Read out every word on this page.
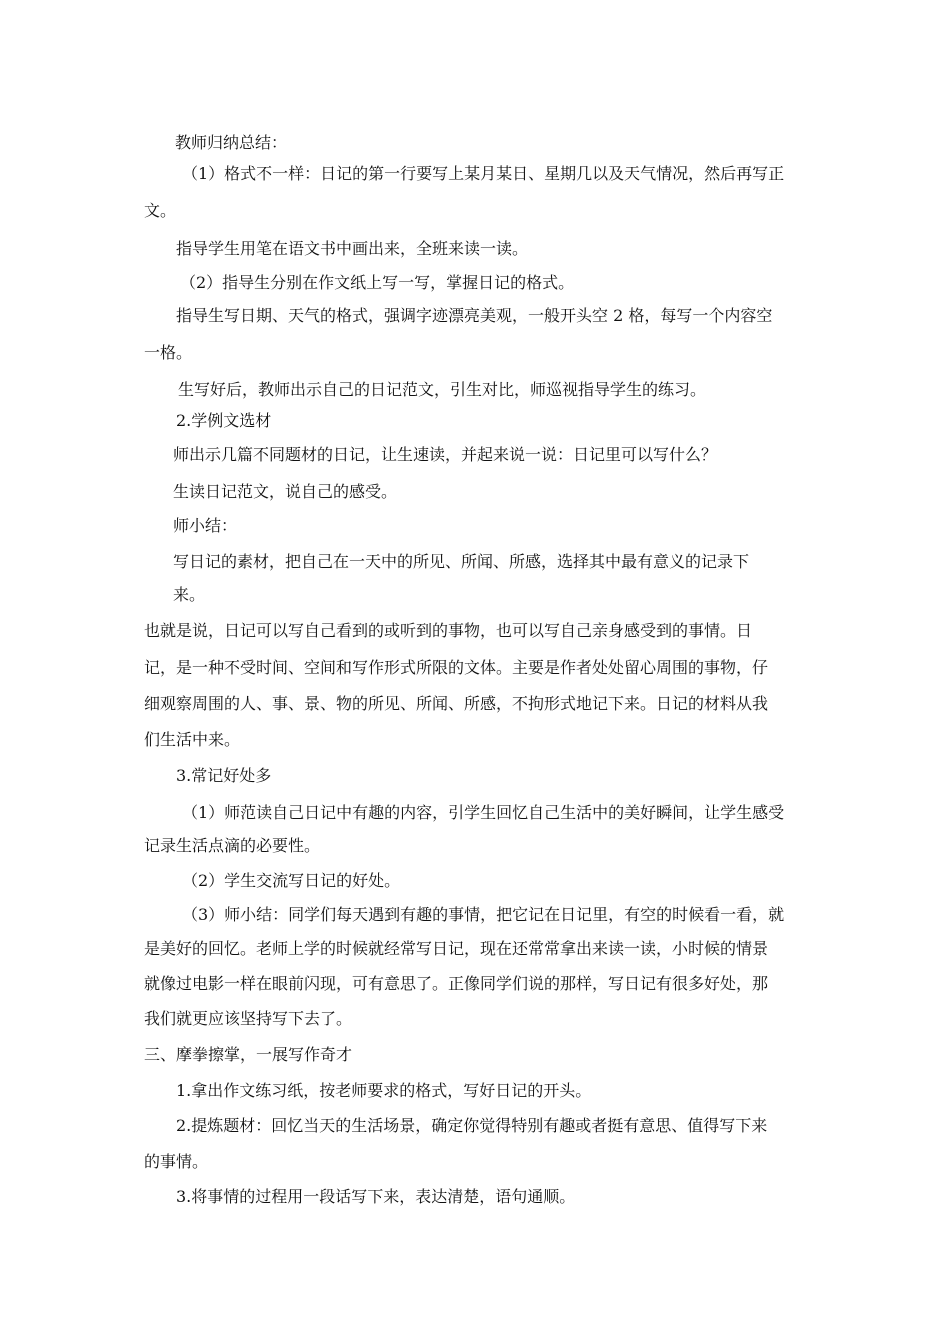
教师归纳总结：
（1）格式不一样：日记的第一行要写上某月某日、星期几以及天气情况，然后再写正
文。
指导学生用笔在语文书中画出来，全班来读一读。
（2）指导生分别在作文纸上写一写，掌握日记的格式。
指导生写日期、天气的格式，强调字迹漂亮美观，一般开头空 2 格，每写一个内容空
一格。
生写好后，教师出示自己的日记范文，引生对比，师巡视指导学生的练习。
2.学例文选材
师出示几篇不同题材的日记，让生速读，并起来说一说：日记里可以写什么？
生读日记范文，说自己的感受。
师小结：
写日记的素材，把自己在一天中的所见、所闻、所感，选择其中最有意义的记录下
来。
也就是说，日记可以写自己看到的或听到的事物，也可以写自己亲身感受到的事情。日
记，是一种不受时间、空间和写作形式所限的文体。主要是作者处处留心周围的事物，仔
细观察周围的人、事、景、物的所见、所闻、所感，不拘形式地记下来。日记的材料从我
们生活中来。
3.常记好处多
（1）师范读自己日记中有趣的内容，引学生回忆自己生活中的美好瞬间，让学生感受
记录生活点滴的必要性。
（2）学生交流写日记的好处。
（3）师小结：同学们每天遇到有趣的事情，把它记在日记里，有空的时候看一看，就
是美好的回忆。老师上学的时候就经常写日记，现在还常常拿出来读一读，小时候的情景
就像过电影一样在眼前闪现，可有意思了。正像同学们说的那样，写日记有很多好处，那
我们就更应该坚持写下去了。
三、摩拳擦掌，一展写作奇才
1.拿出作文练习纸，按老师要求的格式，写好日记的开头。
2.提炼题材：回忆当天的生活场景，确定你觉得特别有趣或者挺有意思、值得写下来
的事情。
3.将事情的过程用一段话写下来，表达清楚，语句通顺。
